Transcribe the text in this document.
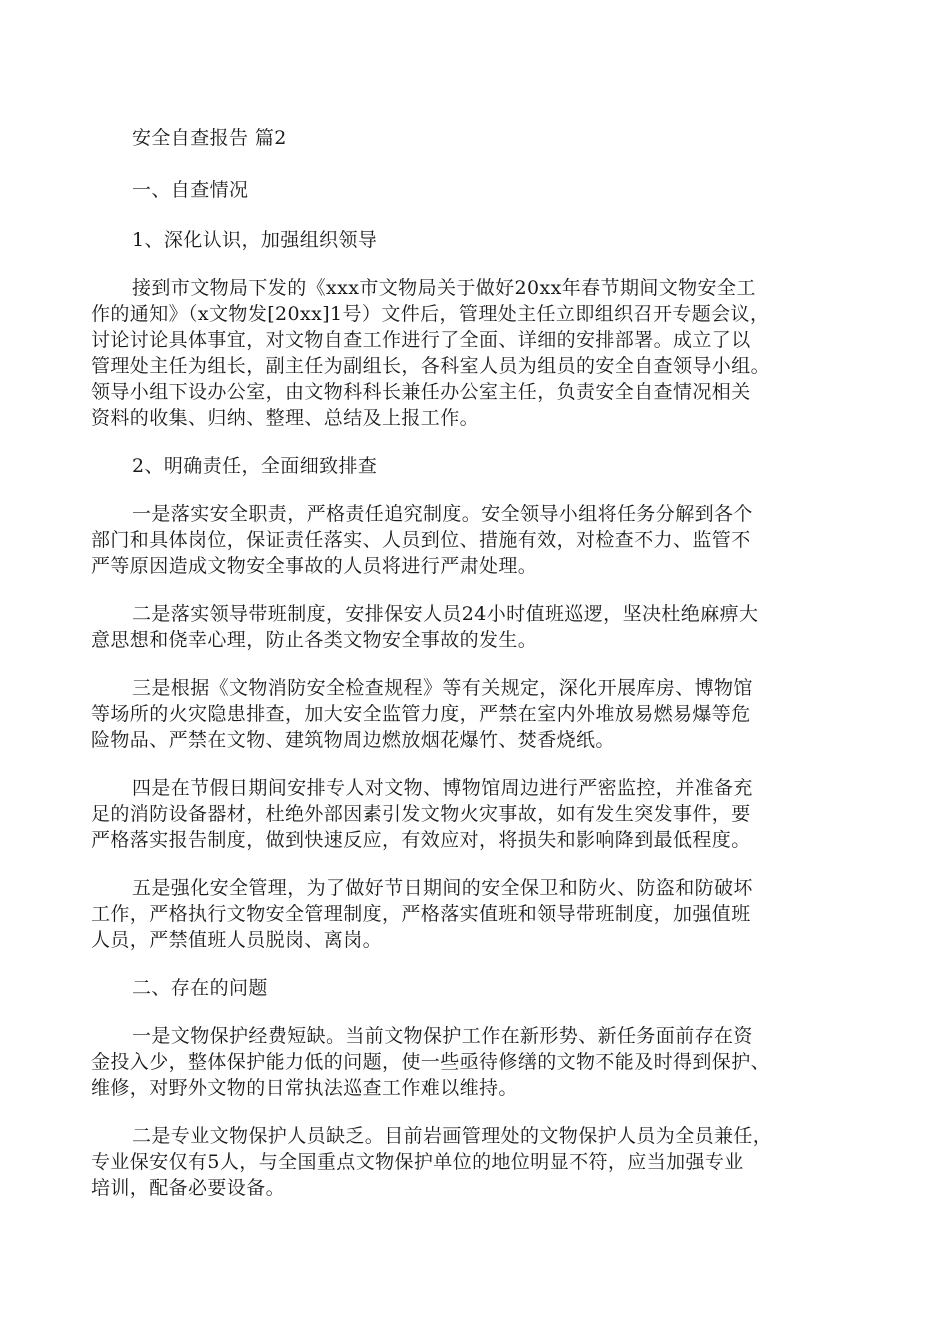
安全自查报告 篇2
一、自查情况
1、深化认识，加强组织领导
接到市文物局下发的《xxx市文物局关于做好20xx年春节期间文物安全工
作的通知》（x文物发[20xx]1号）文件后，管理处主任立即组织召开专题会议，
讨论讨论具体事宜，对文物自查工作进行了全面、详细的安排部署。成立了以
管理处主任为组长，副主任为副组长，各科室人员为组员的安全自查领导小组。
领导小组下设办公室，由文物科科长兼任办公室主任，负责安全自查情况相关
资料的收集、归纳、整理、总结及上报工作。
2、明确责任，全面细致排查
一是落实安全职责，严格责任追究制度。安全领导小组将任务分解到各个
部门和具体岗位，保证责任落实、人员到位、措施有效，对检查不力、监管不
严等原因造成文物安全事故的人员将进行严肃处理。
二是落实领导带班制度，安排保安人员24小时值班巡逻，坚决杜绝麻痹大
意思想和侥幸心理，防止各类文物安全事故的发生。
三是根据《文物消防安全检查规程》等有关规定，深化开展库房、博物馆
等场所的火灾隐患排查，加大安全监管力度，严禁在室内外堆放易燃易爆等危
险物品、严禁在文物、建筑物周边燃放烟花爆竹、焚香烧纸。
四是在节假日期间安排专人对文物、博物馆周边进行严密监控，并准备充
足的消防设备器材，杜绝外部因素引发文物火灾事故，如有发生突发事件，要
严格落实报告制度，做到快速反应，有效应对，将损失和影响降到最低程度。
五是强化安全管理，为了做好节日期间的安全保卫和防火、防盗和防破坏
工作，严格执行文物安全管理制度，严格落实值班和领导带班制度，加强值班
人员，严禁值班人员脱岗、离岗。
二、存在的问题
一是文物保护经费短缺。当前文物保护工作在新形势、新任务面前存在资
金投入少，整体保护能力低的问题，使一些亟待修缮的文物不能及时得到保护、
维修，对野外文物的日常执法巡查工作难以维持。
二是专业文物保护人员缺乏。目前岩画管理处的文物保护人员为全员兼任，
专业保安仅有5人，与全国重点文物保护单位的地位明显不符，应当加强专业
培训，配备必要设备。
